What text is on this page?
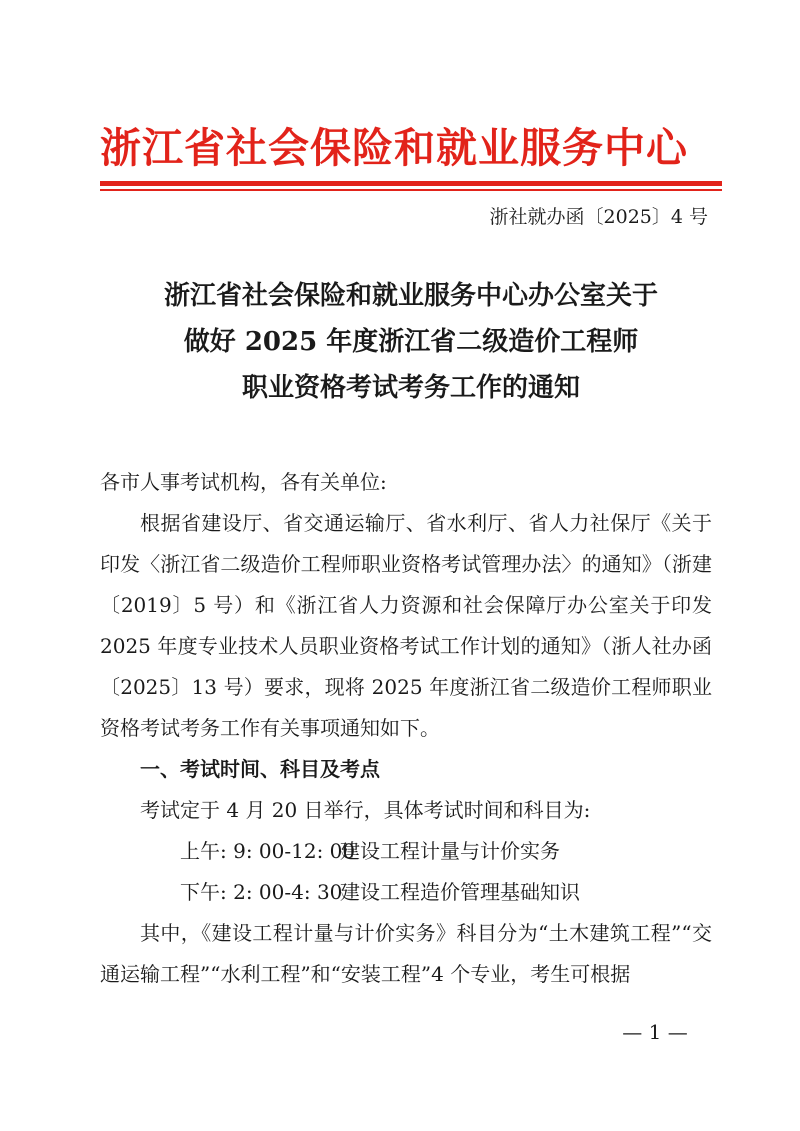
浙江省社会保险和就业服务中心
浙社就办函〔2025〕4 号
浙江省社会保险和就业服务中心办公室关于
做好 2025 年度浙江省二级造价工程师
职业资格考试考务工作的通知

各市人事考试机构，各有关单位:

根据省建设厅、省交通运输厅、省水利厅、省人力社保厅《关于印发〈浙江省二级造价工程师职业资格考试管理办法〉的通知》（浙建〔2019〕5 号）和《浙江省人力资源和社会保障厅办公室关于印发 2025 年度专业技术人员职业资格考试工作计划的通知》（浙人社办函〔2025〕13 号）要求，现将 2025 年度浙江省二级造价工程师职业资格考试考务工作有关事项通知如下。

一、考试时间、科目及考点

考试定于 4 月 20 日举行，具体考试时间和科目为:

上午: 9: 00-12: 00建设工程计量与计价实务

下午: 2: 00-4: 30建设工程造价管理基础知识

其中，《建设工程计量与计价实务》科目分为“土木建筑工程”“交通运输工程”“水利工程”和“安装工程”4 个专业，考生可根据

— 1 —
